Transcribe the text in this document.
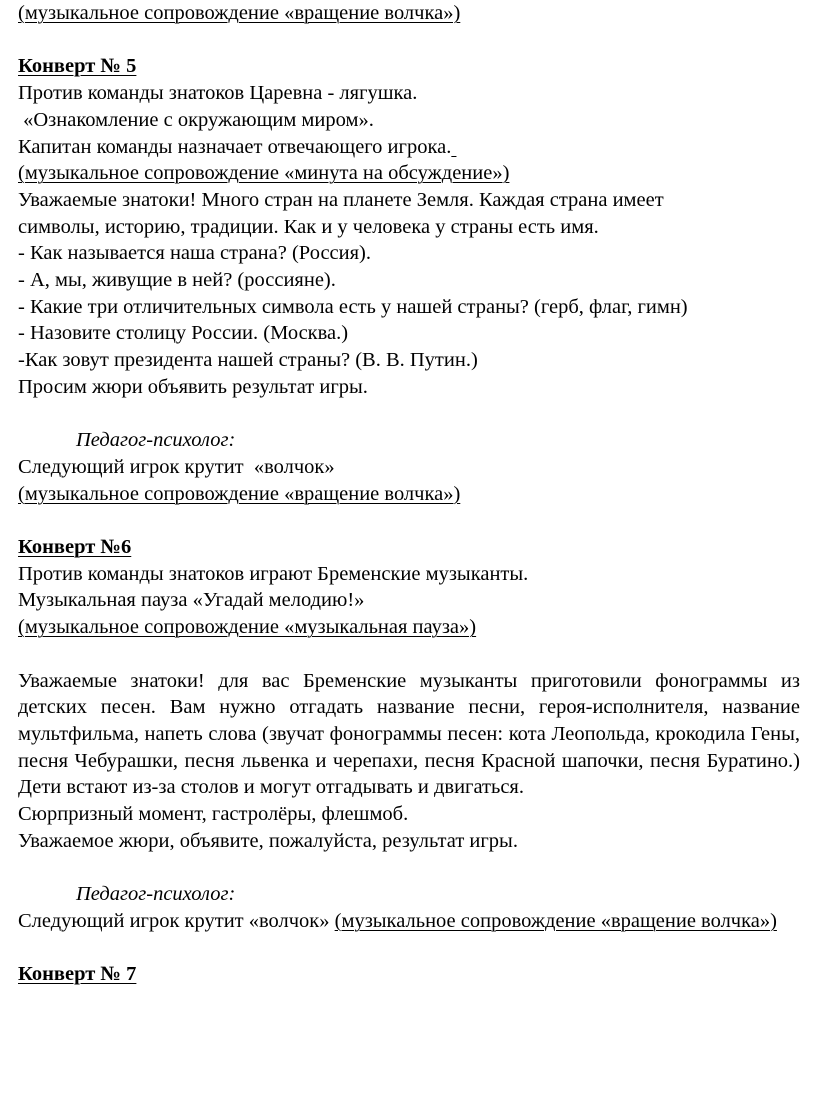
(музыкальное сопровождение «вращение волчка»)
Конверт № 5
Против команды знатоков Царевна - лягушка.
«Ознакомление с окружающим миром».
Капитан команды назначает отвечающего игрока.
(музыкальное сопровождение «минута на обсуждение»)
Уважаемые знатоки! Много стран на планете Земля. Каждая страна имеет
символы, историю, традиции. Как и у человека у страны есть имя.
- Как называется наша страна? (Россия).
- А, мы, живущие в ней? (россияне).
- Какие три отличительных символа есть у нашей страны? (герб, флаг, гимн)
- Назовите столицу России. (Москва.)
-Как зовут президента нашей страны? (В. В. Путин.)
Просим жюри объявить результат игры.
Педагог-психолог:
Следующий игрок крутит  «волчок»
(музыкальное сопровождение «вращение волчка»)
Конверт №6
Против команды знатоков играют Бременские музыканты.
Музыкальная пауза «Угадай мелодию!»
(музыкальное сопровождение «музыкальная пауза»)
Уважаемые знатоки! для вас Бременские музыканты приготовили фонограммы из детских песен. Вам нужно отгадать название песни, героя-исполнителя, название мультфильма, напеть слова (звучат фонограммы песен: кота Леопольда, крокодила Гены, песня Чебурашки, песня львенка и черепахи, песня Красной шапочки, песня Буратино.) Дети встают из-за столов и могут отгадывать и двигаться.
Сюрпризный момент, гастролёры, флешмоб.
Уважаемое жюри, объявите, пожалуйста, результат игры.
Педагог-психолог:
Следующий игрок крутит «волчок» (музыкальное сопровождение «вращение волчка»)
Конверт № 7
